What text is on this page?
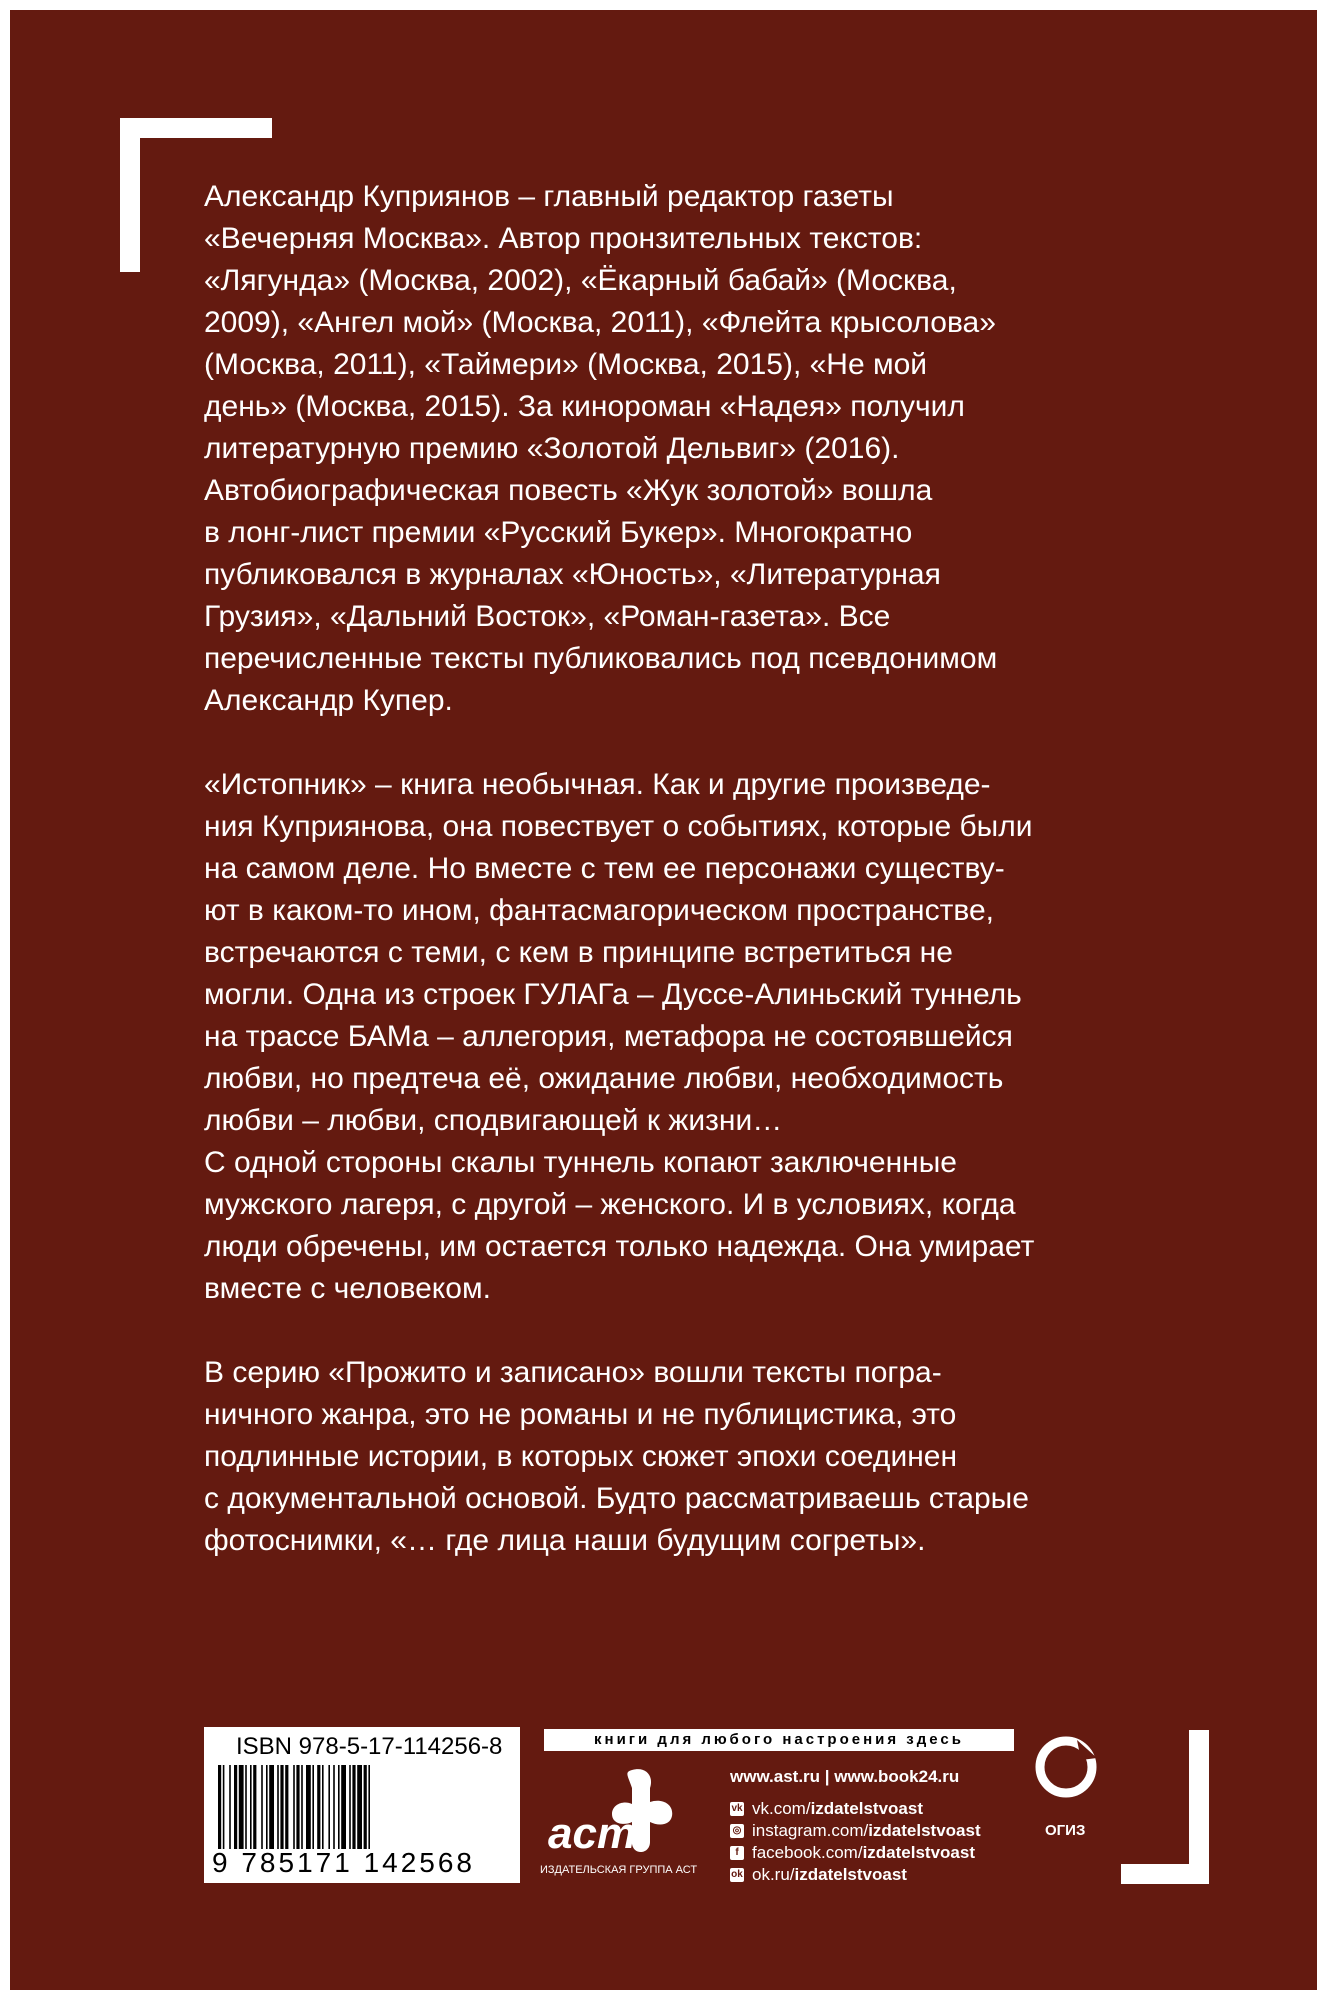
Александр Куприянов – главный редактор газеты
«Вечерняя Москва». Автор пронзительных текстов:
«Лягунда» (Москва, 2002), «Ёкарный бабай» (Москва,
2009), «Ангел мой» (Москва, 2011), «Флейта крысолова»
(Москва, 2011), «Таймери» (Москва, 2015), «Не мой
день» (Москва, 2015). За кинороман «Надея» получил
литературную премию «Золотой Дельвиг» (2016).
Автобиографическая повесть «Жук золотой» вошла
в лонг-лист премии «Русский Букер». Многократно
публиковался в журналах «Юность», «Литературная
Грузия», «Дальний Восток», «Роман-газета». Все
перечисленные тексты публиковались под псевдонимом
Александр Купер.

«Истопник» – книга необычная. Как и другие произведе-
ния Куприянова, она повествует о событиях, которые были
на самом деле. Но вместе с тем ее персонажи существу-
ют в каком-то ином, фантасмагорическом пространстве,
встречаются с теми, с кем в принципе встретиться не
могли. Одна из строек ГУЛАГа – Дуссе-Алиньский туннель
на трассе БАМа – аллегория, метафора не состоявшейся
любви, но предтеча её, ожидание любви, необходимость
любви – любви, сподвигающей к жизни…
С одной стороны скалы туннель копают заключенные
мужского лагеря, с другой – женского. И в условиях, когда
люди обречены, им остается только надежда. Она умирает
вместе с человеком.

В серию «Прожито и записано» вошли тексты погра-
ничного жанра, это не романы и не публицистика, это
подлинные истории, в которых сюжет эпохи соединен
с документальной основой. Будто рассматриваешь старые
фотоснимки, «… где лица наши будущим согреты».

ISBN 978-5-17-114256-8
9 785171 142568
книги для любого настроения здесь
аст
ИЗДАТЕЛЬСКАЯ ГРУППА АСТ
www.ast.ru | www.book24.ru
vk vk.com/ izdatelstvoast
◎ instagram.com/ izdatelstvoast
f facebook.com/ izdatelstvoast
ok ok.ru/ izdatelstvoast
ОГИЗ
